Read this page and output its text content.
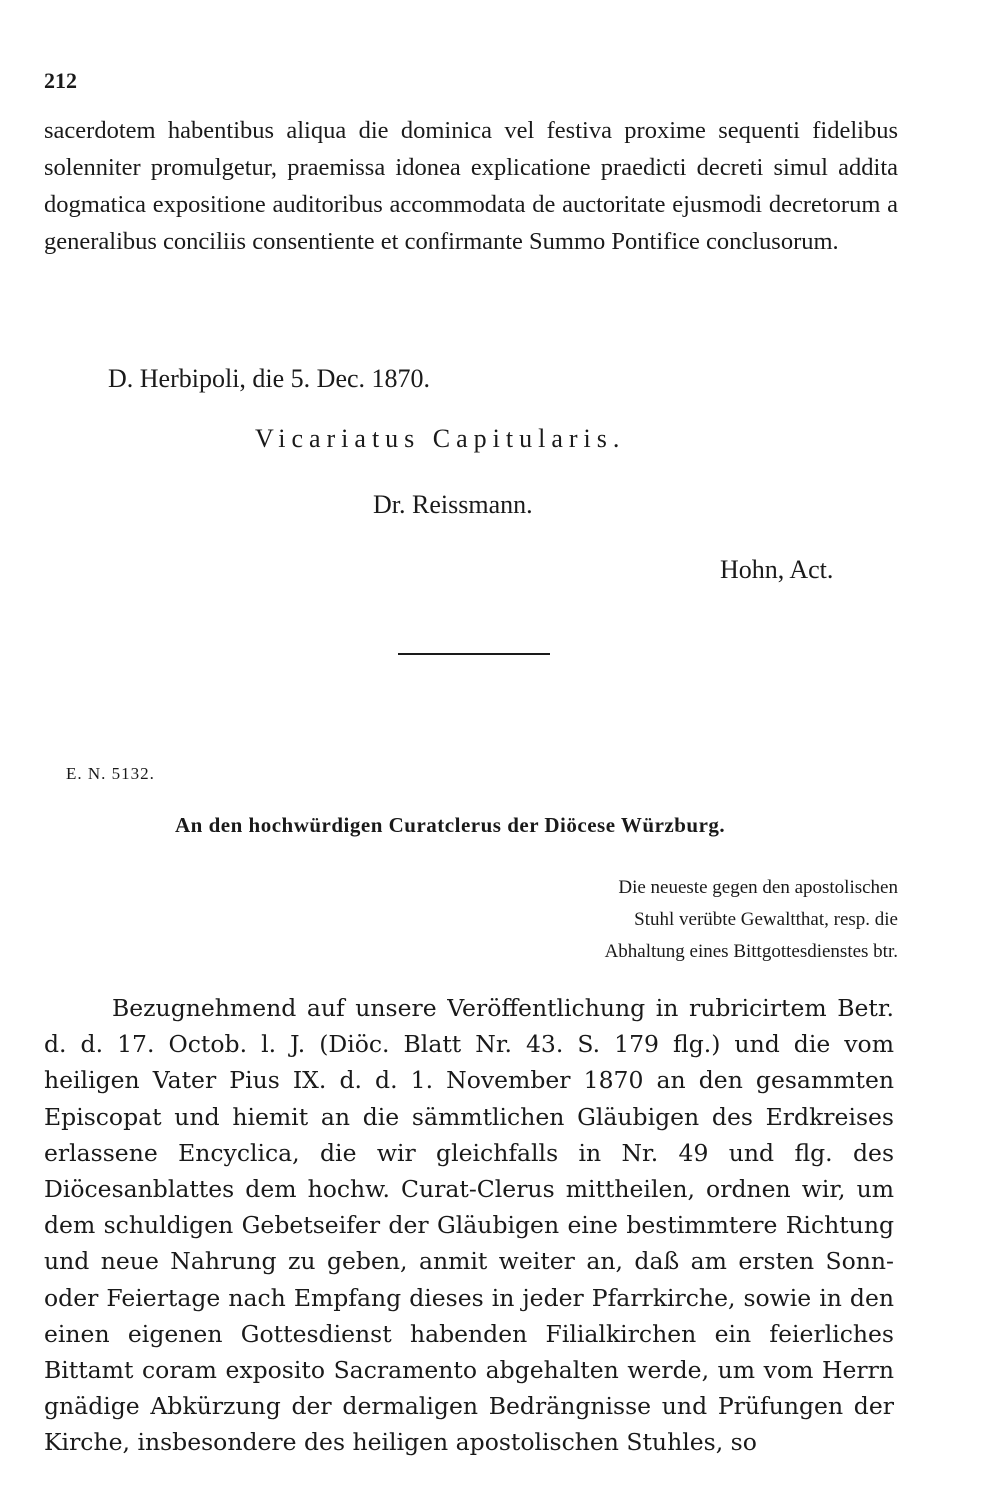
212

sacerdotem habentibus aliqua die dominica vel festiva proxime sequenti fidelibus solenniter promulgetur, praemissa idonea explicatione praedicti decreti simul addita dogmatica expositione auditoribus accommodata de auctoritate ejusmodi decretorum a generalibus conciliis consentiente et confirmante Summo Pontifice conclusorum.

D. Herbipoli, die 5. Dec. 1870.
Vicariatus Capitularis.
Dr. Reissmann.
Hohn, Act.
E. N. 5132.
An den hochwürdigen Curatclerus der Diöcese Würzburg.

Die neueste gegen den apostolischen
Stuhl verübte Gewaltthat, resp. die
Abhaltung eines Bittgottesdienstes btr.

Bezugnehmend auf unsere Veröffentlichung in rubricirtem Betr. d. d. 17. Octob. l. J. (Diöc. Blatt Nr. 43. S. 179 flg.) und die vom heiligen Vater Pius IX. d. d. 1. November 1870 an den gesammten Episcopat und hiemit an die sämmtlichen Gläubigen des Erdkreises erlassene Encyclica, die wir gleichfalls in Nr. 49 und flg. des Diöcesanblattes dem hochw. Curat-Clerus mittheilen, ordnen wir, um dem schuldigen Gebetseifer der Gläubigen eine bestimmtere Richtung und neue Nahrung zu geben, anmit weiter an, daß am ersten Sonn- oder Feiertage nach Empfang dieses in jeder Pfarrkirche, sowie in den einen eigenen Gottesdienst habenden Filialkirchen ein feierliches Bittamt coram exposito Sacramento abgehalten werde, um vom Herrn gnädige Abkürzung der dermaligen Bedrängnisse und Prüfungen der Kirche, insbesondere des heiligen apostolischen Stuhles, so
